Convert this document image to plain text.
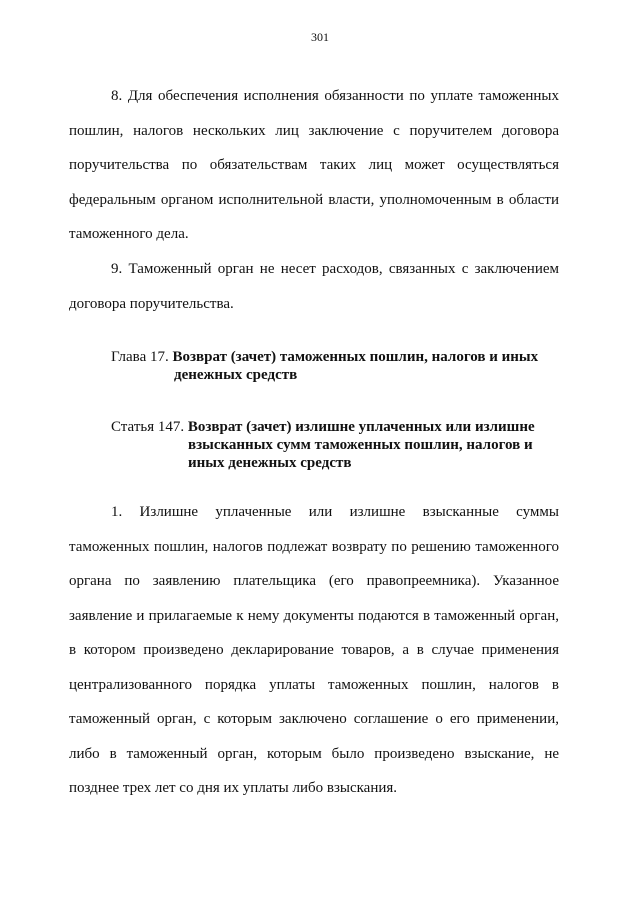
301

8. Для обеспечения исполнения обязанности по уплате таможенных пошлин, налогов нескольких лиц заключение с поручителем договора поручительства по обязательствам таких лиц может осуществляться федеральным органом исполнительной власти, уполномоченным в области таможенного дела.

9. Таможенный орган не несет расходов, связанных с заключением договора поручительства.

Глава 17. Возврат (зачет) таможенных пошлин, налогов и иных
денежных средств
Статья 147. Возврат (зачет) излишне уплаченных или излишне
взысканных сумм таможенных пошлин, налогов и
иных денежных средств

1. Излишне уплаченные или излишне взысканные суммы таможенных пошлин, налогов подлежат возврату по решению таможенного органа по заявлению плательщика (его правопреемника). Указанное заявление и прилагаемые к нему документы подаются в таможенный орган, в котором произведено декларирование товаров, а в случае применения централизованного порядка уплаты таможенных пошлин, налогов в таможенный орган, с которым заключено соглашение о его применении, либо в таможенный орган, которым было произведено взыскание, не позднее трех лет со дня их уплаты либо взыскания.
